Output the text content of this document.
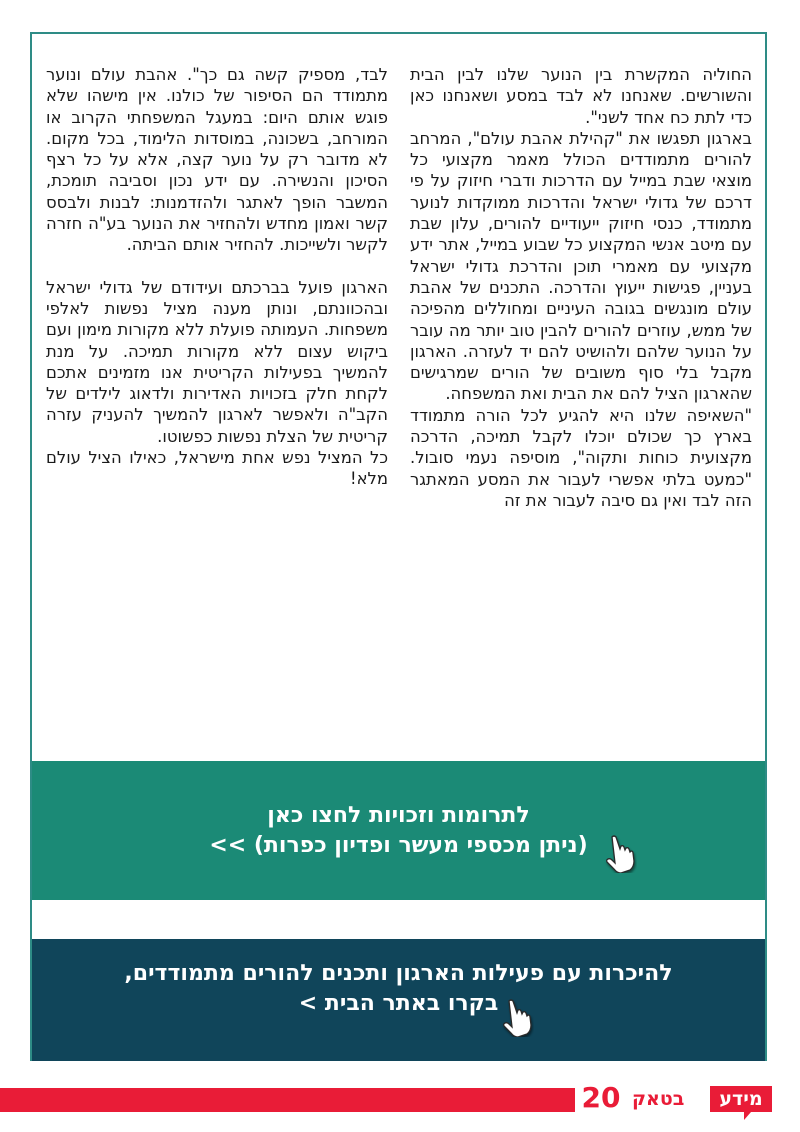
החוליה המקשרת בין הנוער שלנו לבין הבית והשורשים. שאנחנו לא לבד במסע ושאנחנו כאן כדי לתת כח אחד לשני".

בארגון תפגשו את "קהילת אהבת עולם", המרחב להורים מתמודדים הכולל מאמר מקצועי כל מוצאי שבת במייל עם הדרכות ודברי חיזוק על פי דרכם של גדולי ישראל והדרכות ממוקדות לנוער מתמודד, כנסי חיזוק ייעודיים להורים, עלון שבת עם מיטב אנשי המקצוע כל שבוע במייל, אתר ידע מקצועי עם מאמרי תוכן והדרכת גדולי ישראל בעניין, פגישות ייעוץ והדרכה. התכנים של אהבת עולם מונגשים בגובה העיניים ומחוללים מהפיכה של ממש, עוזרים להורים להבין טוב יותר מה עובר על הנוער שלהם ולהושיט להם יד לעזרה. הארגון מקבל בלי סוף משובים של הורים שמרגישים שהארגון הציל להם את הבית ואת המשפחה.

"השאיפה שלנו היא להגיע לכל הורה מתמודד בארץ כך שכולם יוכלו לקבל תמיכה, הדרכה מקצועית כוחות ותקוה", מוסיפה נעמי סובול. "כמעט בלתי אפשרי לעבור את המסע המאתגר הזה לבד ואין גם סיבה לעבור את זה

לבד, מספיק קשה גם כך". אהבת עולם ונוער מתמודד הם הסיפור של כולנו. אין מישהו שלא פוגש אותם היום: במעגל המשפחתי הקרוב או המורחב, בשכונה, במוסדות הלימוד, בכל מקום. לא מדובר רק על נוער קצה, אלא על כל רצף הסיכון והנשירה. עם ידע נכון וסביבה תומכת, המשבר הופך לאתגר ולהזדמנות: לבנות ולבסס קשר ואמון מחדש ולהחזיר את הנוער בע"ה חזרה לקשר ולשייכות. להחזיר אותם הביתה.

הארגון פועל בברכתם ועידודם של גדולי ישראל ובהכוונתם, ונותן מענה מציל נפשות לאלפי משפחות. העמותה פועלת ללא מקורות מימון ועם ביקוש עצום ללא מקורות תמיכה. על מנת להמשיך בפעילות הקריטית אנו מזמינים אתכם לקחת חלק בזכויות האדירות ולדאוג לילדים של הקב"ה ולאפשר לארגון להמשיך להעניק עזרה קריטית של הצלת נפשות כפשוטו.

כל המציל נפש אחת מישראל, כאילו הציל עולם מלא!

לתרומות וזכויות לחצו כאן
(ניתן מכספי מעשר ופדיון כפרות) >>
להיכרות עם פעילות הארגון ותכנים להורים מתמודדים,
בקרו באתר הבית >
20 בטאק	מידע
